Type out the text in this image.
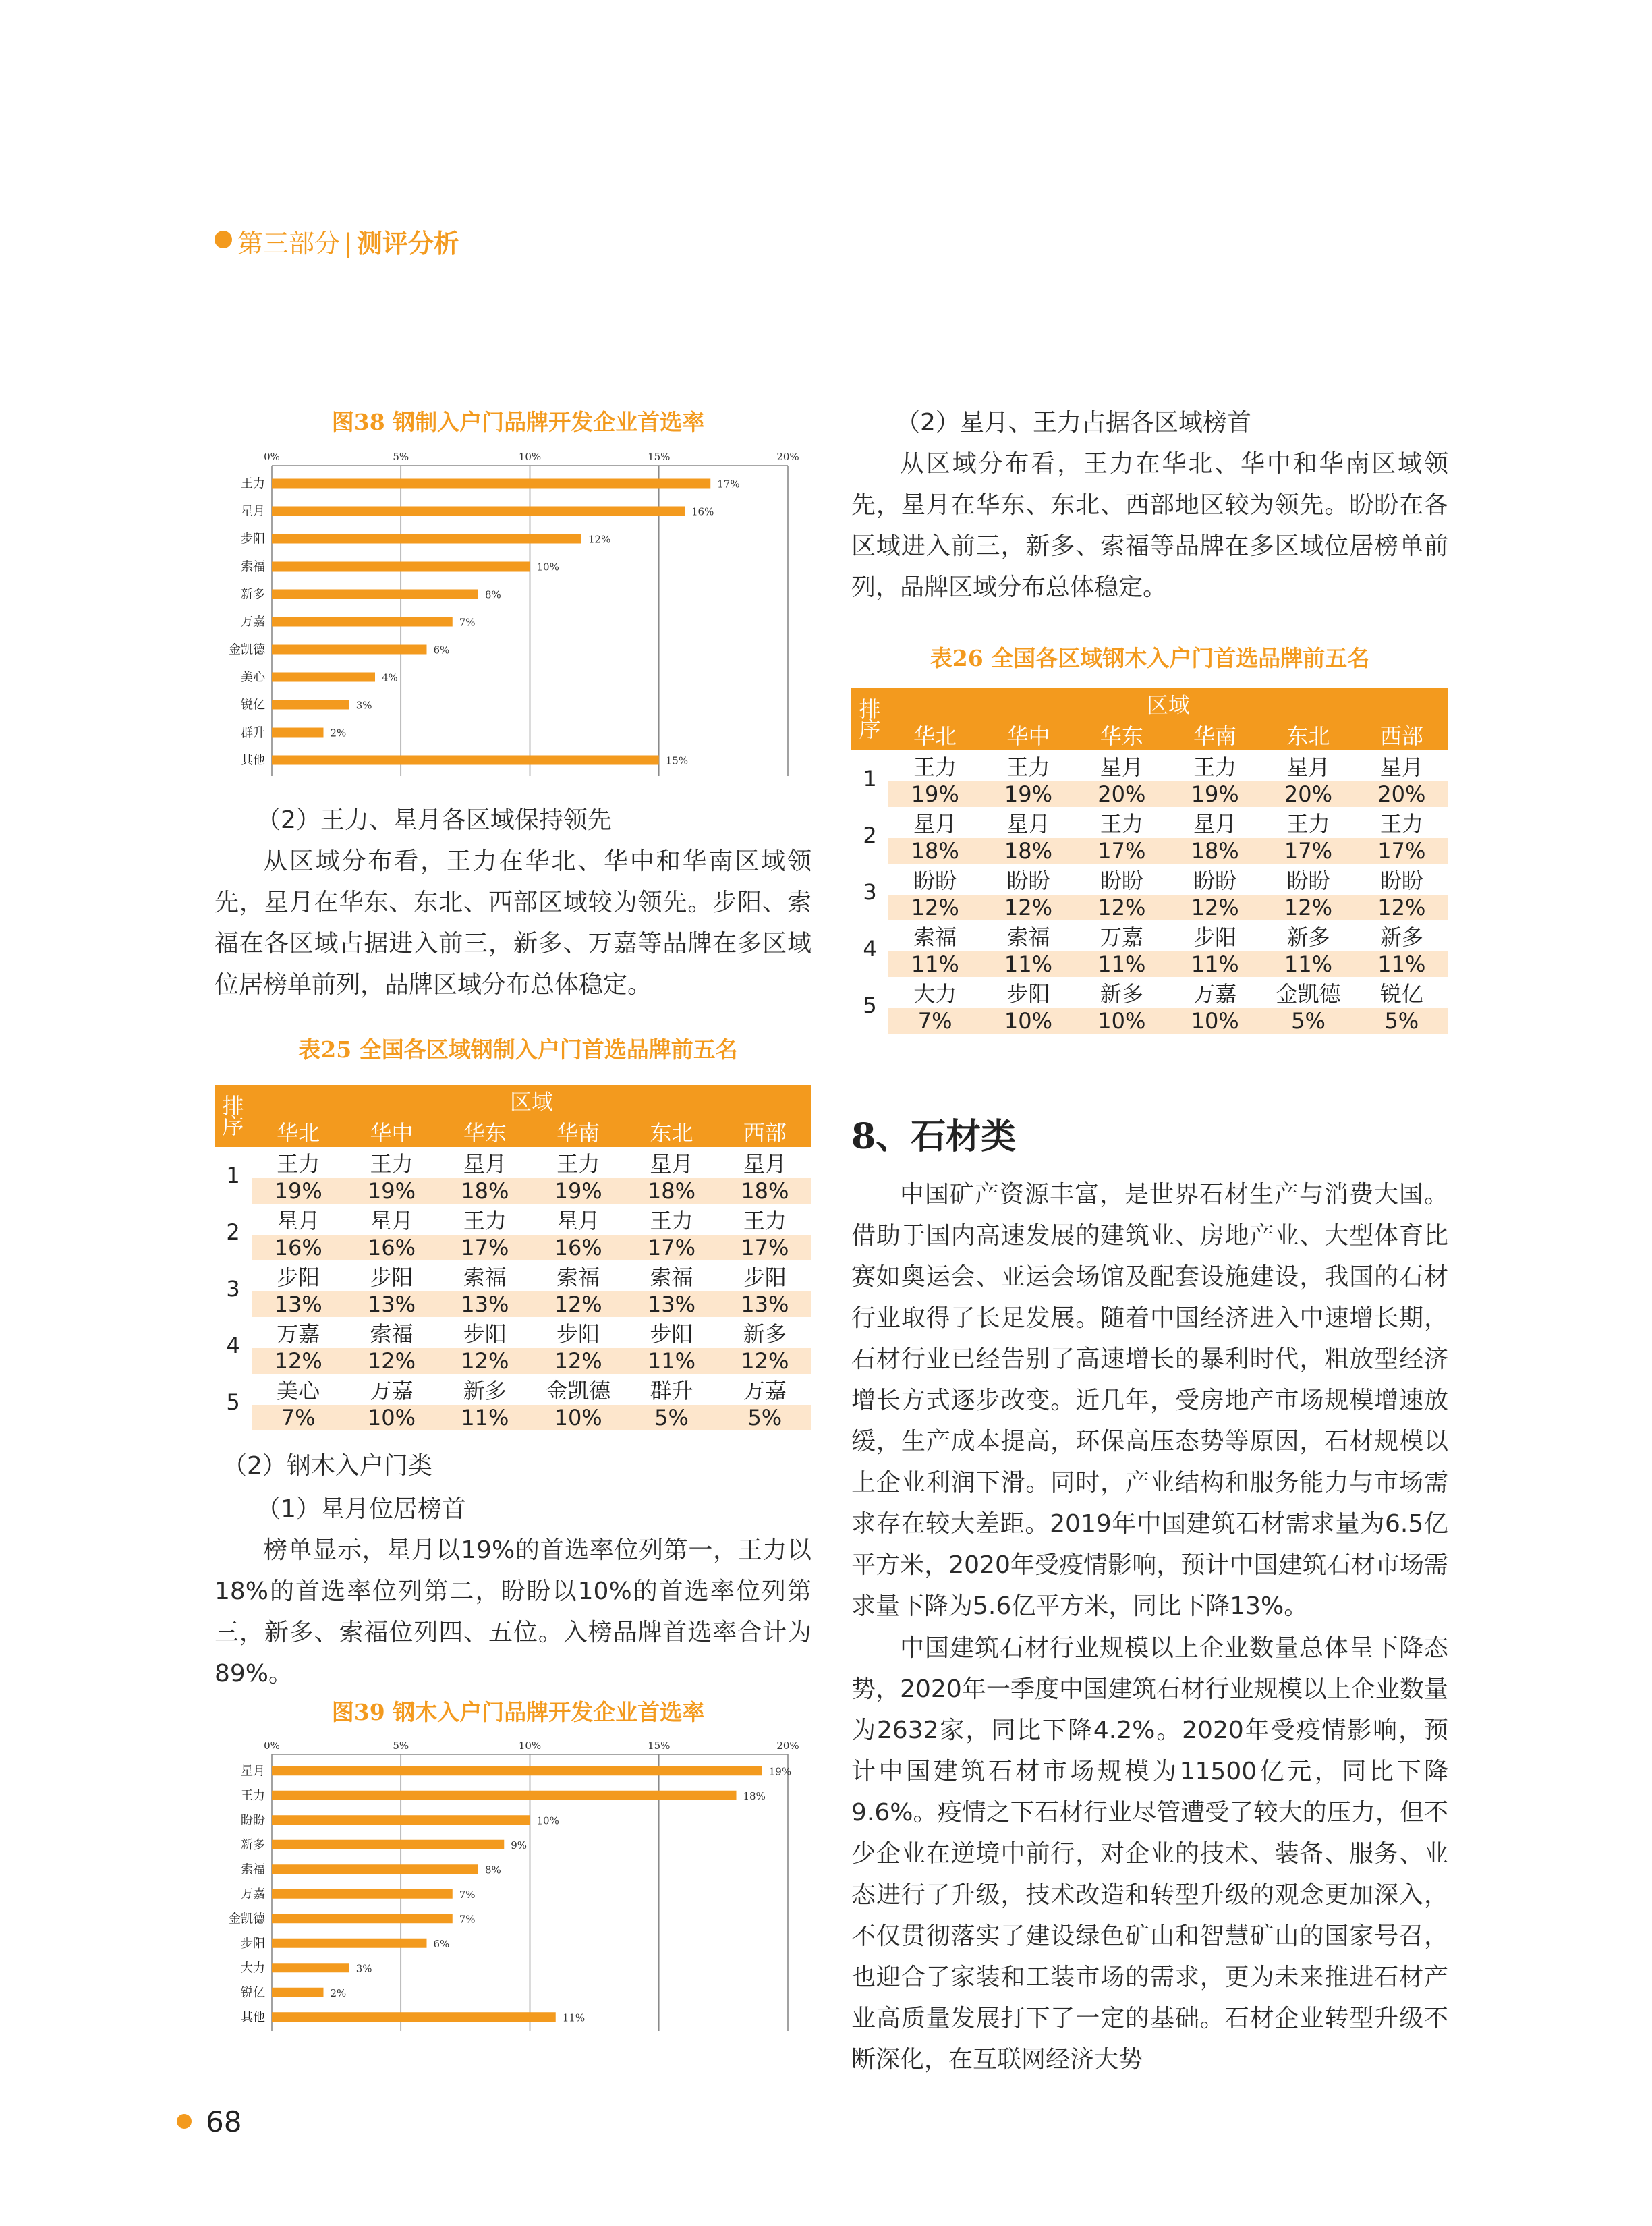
第三部分 | 测评分析
图38 钢制入户门品牌开发企业首选率
0%	5%	10%	15%	20%
王力	17%
星月	16%
步阳	12%
索福	10%
新多	8%
万嘉	7%
金凯德	6%
美心	4%
锐亿	3%
群升	2%
其他	15%
（2）王力、星月各区域保持领先
从区域分布看，王力在华北、华中和华南区域领先，星月在华东、东北、西部区域较为领先。步阳、索福在各区域占据进入前三，新多、万嘉等品牌在多区域位居榜单前列，品牌区域分布总体稳定。
表25 全国各区域钢制入户门首选品牌前五名
排序	区域					
	华北	华中	华东	华南	东北	西部
1	王力	王力	星月	王力	星月	星月
	19%	19%	18%	19%	18%	18%
2	星月	星月	王力	星月	王力	王力
	16%	16%	17%	16%	17%	17%
3	步阳	步阳	索福	索福	索福	步阳
	13%	13%	13%	12%	13%	13%
4	万嘉	索福	步阳	步阳	步阳	新多
	12%	12%	12%	12%	11%	12%
5	美心	万嘉	新多	金凯德	群升	万嘉
	7%	10%	11%	10%	5%	5%
（2）钢木入户门类
（1）星月位居榜首
榜单显示，星月以19%的首选率位列第一，王力以18%的首选率位列第二，盼盼以10%的首选率位列第三，新多、索福位列四、五位。入榜品牌首选率合计为89%。
图39 钢木入户门品牌开发企业首选率
0%	5%	10%	15%	20%
星月	19%
王力	18%
盼盼	10%
新多	9%
索福	8%
万嘉	7%
金凯德	7%
步阳	6%
大力	3%
锐亿	2%
其他	11%
（2）星月、王力占据各区域榜首
从区域分布看，王力在华北、华中和华南区域领先，星月在华东、东北、西部地区较为领先。盼盼在各区域进入前三，新多、索福等品牌在多区域位居榜单前列，品牌区域分布总体稳定。
表26 全国各区域钢木入户门首选品牌前五名
排序	区域					
	华北	华中	华东	华南	东北	西部
1	王力	王力	星月	王力	星月	星月
	19%	19%	20%	19%	20%	20%
2	星月	星月	王力	星月	王力	王力
	18%	18%	17%	18%	17%	17%
3	盼盼	盼盼	盼盼	盼盼	盼盼	盼盼
	12%	12%	12%	12%	12%	12%
4	索福	索福	万嘉	步阳	新多	新多
	11%	11%	11%	11%	11%	11%
5	大力	步阳	新多	万嘉	金凯德	锐亿
	7%	10%	10%	10%	5%	5%
8、石材类
中国矿产资源丰富，是世界石材生产与消费大国。借助于国内高速发展的建筑业、房地产业、大型体育比赛如奥运会、亚运会场馆及配套设施建设，我国的石材行业取得了长足发展。随着中国经济进入中速增长期，石材行业已经告别了高速增长的暴利时代，粗放型经济增长方式逐步改变。近几年，受房地产市场规模增速放缓，生产成本提高，环保高压态势等原因，石材规模以上企业利润下滑。同时，产业结构和服务能力与市场需求存在较大差距。2019年中国建筑石材需求量为6.5亿平方米，2020年受疫情影响，预计中国建筑石材市场需求量下降为5.6亿平方米，同比下降13%。
中国建筑石材行业规模以上企业数量总体呈下降态势，2020年一季度中国建筑石材行业规模以上企业数量为2632家，同比下降4.2%。2020年受疫情影响，预计中国建筑石材市场规模为11500亿元，同比下降9.6%。疫情之下石材行业尽管遭受了较大的压力，但不少企业在逆境中前行，对企业的技术、装备、服务、业态进行了升级，技术改造和转型升级的观念更加深入，不仅贯彻落实了建设绿色矿山和智慧矿山的国家号召，也迎合了家装和工装市场的需求，更为未来推进石材产业高质量发展打下了一定的基础。石材企业转型升级不断深化，在互联网经济大势
68
